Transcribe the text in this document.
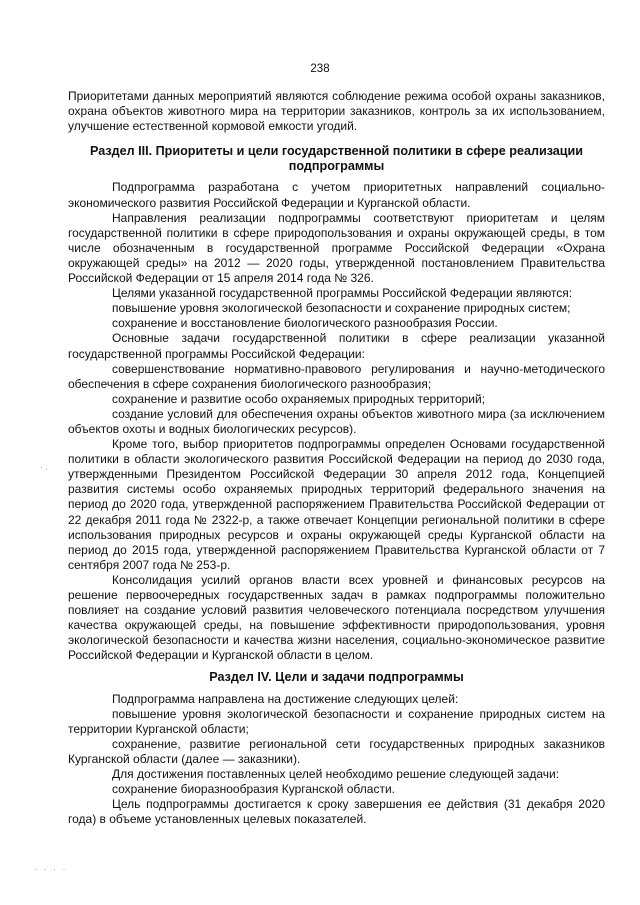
238

Приоритетами данных мероприятий являются соблюдение режима особой охраны заказников, охрана объектов животного мира на территории заказников, контроль за их использованием, улучшение естественной кормовой емкости угодий.

Раздел III. Приоритеты и цели государственной политики в сфере реализации подпрограммы

Подпрограмма разработана с учетом приоритетных направлений социально-экономического развития Российской Федерации и Курганской области.

Направления реализации подпрограммы соответствуют приоритетам и целям государственной политики в сфере природопользования и охраны окружающей среды, в том числе обозначенным в государственной программе Российской Федерации «Охрана окружающей среды» на 2012 — 2020 годы, утвержденной постановлением Правительства Российской Федерации от 15 апреля 2014 года № 326.

Целями указанной государственной программы Российской Федерации являются:

повышение уровня экологической безопасности и сохранение природных систем;

сохранение и восстановление биологического разнообразия России.

Основные задачи государственной политики в сфере реализации указанной государственной программы Российской Федерации:

совершенствование нормативно-правового регулирования и научно-методического обеспечения в сфере сохранения биологического разнообразия;

сохранение и развитие особо охраняемых природных территорий;

создание условий для обеспечения охраны объектов животного мира (за исключением объектов охоты и водных биологических ресурсов).

Кроме того, выбор приоритетов подпрограммы определен Основами государственной политики в области экологического развития Российской Федерации на период до 2030 года, утвержденными Президентом Российской Федерации 30 апреля 2012 года, Концепцией развития системы особо охраняемых природных территорий федерального значения на период до 2020 года, утвержденной распоряжением Правительства Российской Федерации от 22 декабря 2011 года № 2322-р, а также отвечает Концепции региональной политики в сфере использования природных ресурсов и охраны окружающей среды Курганской области на период до 2015 года, утвержденной распоряжением Правительства Курганской области от 7 сентября 2007 года № 253-р.

Консолидация усилий органов власти всех уровней и финансовых ресурсов на решение первоочередных государственных задач в рамках подпрограммы положительно повлияет на создание условий развития человеческого потенциала посредством улучшения качества окружающей среды, на повышение эффективности природопользования, уровня экологической безопасности и качества жизни населения, социально-экономическое развитие Российской Федерации и Курганской области в целом.

Раздел IV. Цели и задачи подпрограммы

Подпрограмма направлена на достижение следующих целей:

повышение уровня экологической безопасности и сохранение природных систем на территории Курганской области;

сохранение, развитие региональной сети государственных природных заказников Курганской области (далее — заказники).

Для достижения поставленных целей необходимо решение следующей задачи:

сохранение биоразнообразия Курганской области.

Цель подпрограммы достигается к сроку завершения ее действия (31 декабря 2020 года) в объеме установленных целевых показателей.

·.
· · · ·
